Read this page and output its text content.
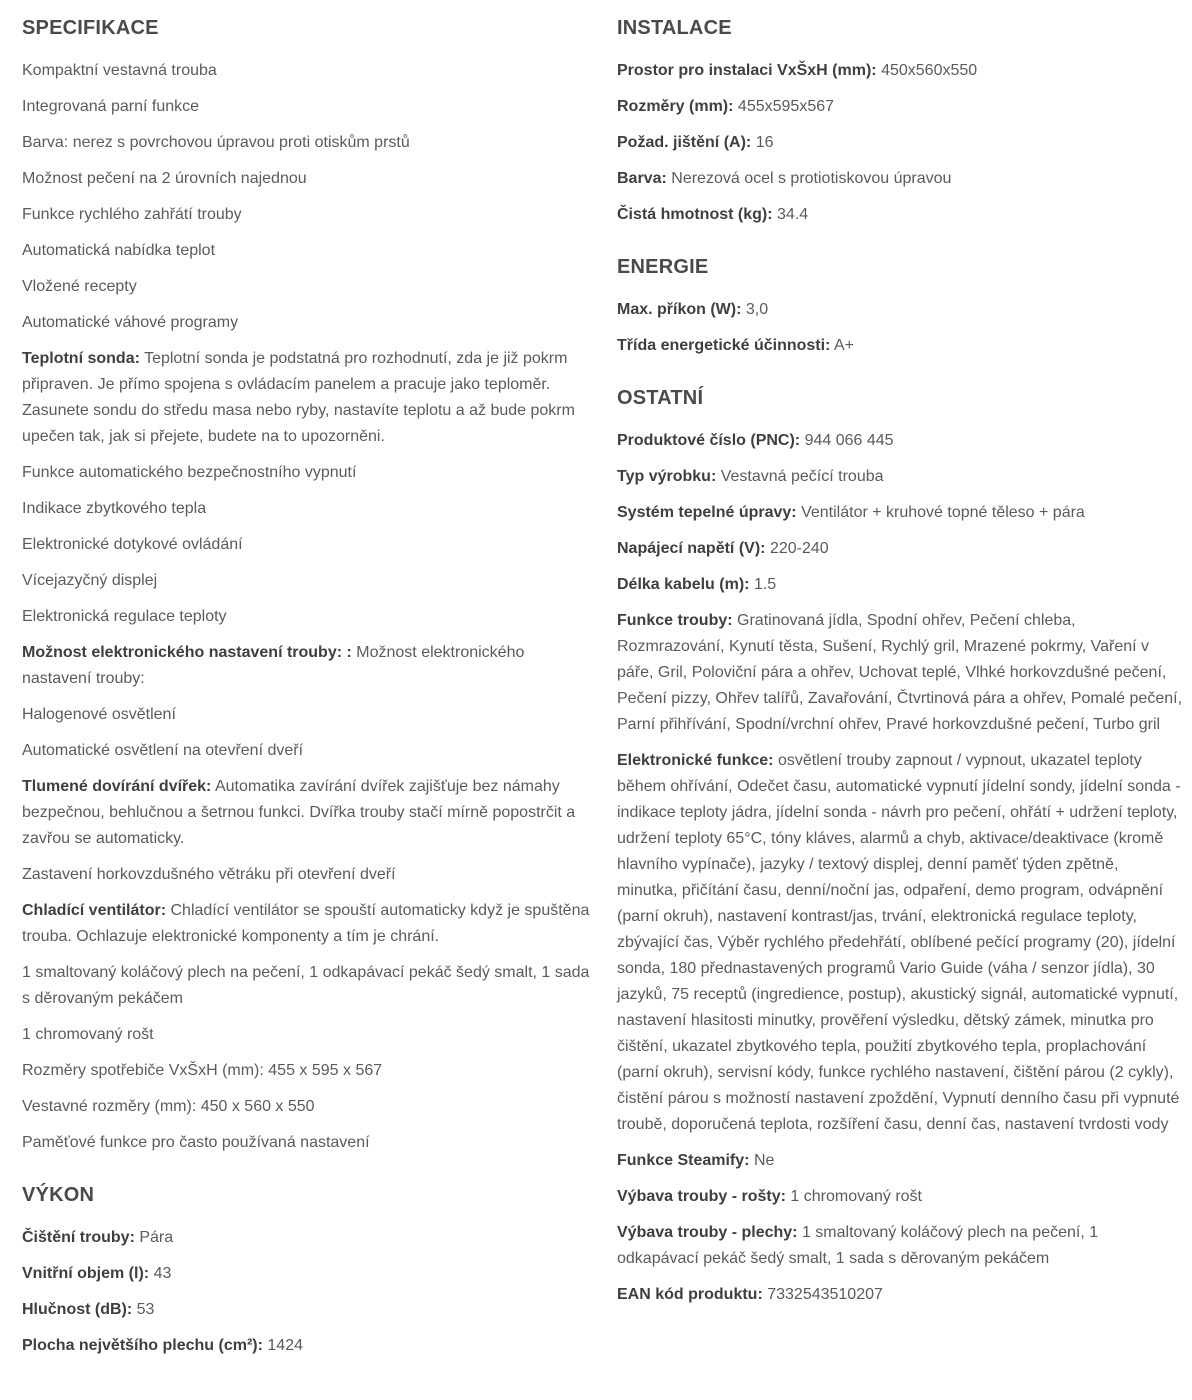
SPECIFIKACE

Kompaktní vestavná trouba

Integrovaná parní funkce

Barva: nerez s povrchovou úpravou proti otiskům prstů

Možnost pečení na 2 úrovních najednou

Funkce rychlého zahřátí trouby

Automatická nabídka teplot

Vložené recepty

Automatické váhové programy

Teplotní sonda: Teplotní sonda je podstatná pro rozhodnutí, zda je již pokrm připraven. Je přímo spojena s ovládacím panelem a pracuje jako teploměr. Zasunete sondu do středu masa nebo ryby, nastavíte teplotu a až bude pokrm upečen tak, jak si přejete, budete na to upozorněni.

Funkce automatického bezpečnostního vypnutí

Indikace zbytkového tepla

Elektronické dotykové ovládání

Vícejazyčný displej

Elektronická regulace teploty

Možnost elektronického nastavení trouby: : Možnost elektronického nastavení trouby:

Halogenové osvětlení

Automatické osvětlení na otevření dveří

Tlumené dovírání dvířek: Automatika zavírání dvířek zajišťuje bez námahy bezpečnou, behlučnou a šetrnou funkci. Dvířka trouby stačí mírně popostrčit a zavřou se automaticky.

Zastavení horkovzdušného větráku při otevření dveří

Chladící ventilátor: Chladící ventilátor se spouští automaticky když je spuštěna trouba. Ochlazuje elektronické komponenty a tím je chrání.

1 smaltovaný koláčový plech na pečení, 1 odkapávací pekáč šedý smalt, 1 sada s děrovaným pekáčem

1 chromovaný rošt

Rozměry spotřebiče VxŠxH (mm): 455 x 595 x 567

Vestavné rozměry (mm): 450 x 560 x 550

Paměťové funkce pro často používaná nastavení

VÝKON

Čištění trouby: Pára

Vnitřní objem (l): 43

Hlučnost (dB): 53

Plocha největšího plechu (cm²): 1424

INSTALACE

Prostor pro instalaci VxŠxH (mm): 450x560x550

Rozměry (mm): 455x595x567

Požad. jištění (A): 16

Barva: Nerezová ocel s protiotiskovou úpravou

Čistá hmotnost (kg): 34.4

ENERGIE

Max. příkon (W): 3,0

Třída energetické účinnosti: A+

OSTATNÍ

Produktové číslo (PNC): 944 066 445

Typ výrobku: Vestavná pečící trouba

Systém tepelné úpravy: Ventilátor + kruhové topné těleso + pára

Napájecí napětí (V): 220-240

Délka kabelu (m): 1.5

Funkce trouby: Gratinovaná jídla, Spodní ohřev, Pečení chleba, Rozmrazování, Kynutí těsta, Sušení, Rychlý gril, Mrazené pokrmy, Vaření v páře, Gril, Poloviční pára a ohřev, Uchovat teplé, Vlhké horkovzdušné pečení, Pečení pizzy, Ohřev talířů, Zavařování, Čtvrtinová pára a ohřev, Pomalé pečení, Parní přihřívání, Spodní/vrchní ohřev, Pravé horkovzdušné pečení, Turbo gril

Elektronické funkce: osvětlení trouby zapnout / vypnout, ukazatel teploty během ohřívání, Odečet času, automatické vypnutí jídelní sondy, jídelní sonda - indikace teploty jádra, jídelní sonda - návrh pro pečení, ohřátí + udržení teploty, udržení teploty 65°C, tóny kláves, alarmů a chyb, aktivace/deaktivace (kromě hlavního vypínače), jazyky / textový displej, denní paměť týden zpětně, minutka, přičítání času, denní/noční jas, odpaření, demo program, odvápnění (parní okruh), nastavení kontrast/jas, trvání, elektronická regulace teploty, zbývající čas, Výběr rychlého předehřátí, oblíbené pečící programy (20), jídelní sonda, 180 přednastavených programů Vario Guide (váha / senzor jídla), 30 jazyků, 75 receptů (ingredience, postup), akustický signál, automatické vypnutí, nastavení hlasitosti minutky, prověření výsledku, dětský zámek, minutka pro čištění, ukazatel zbytkového tepla, použití zbytkového tepla, proplachování (parní okruh), servisní kódy, funkce rychlého nastavení, čištění párou (2 cykly), čistění párou s možností nastavení zpoždění, Vypnutí denního času při vypnuté troubě, doporučená teplota, rozšíření času, denní čas, nastavení tvrdosti vody

Funkce Steamify: Ne

Výbava trouby - rošty: 1 chromovaný rošt

Výbava trouby - plechy: 1 smaltovaný koláčový plech na pečení, 1 odkapávací pekáč šedý smalt, 1 sada s děrovaným pekáčem

EAN kód produktu: 7332543510207
